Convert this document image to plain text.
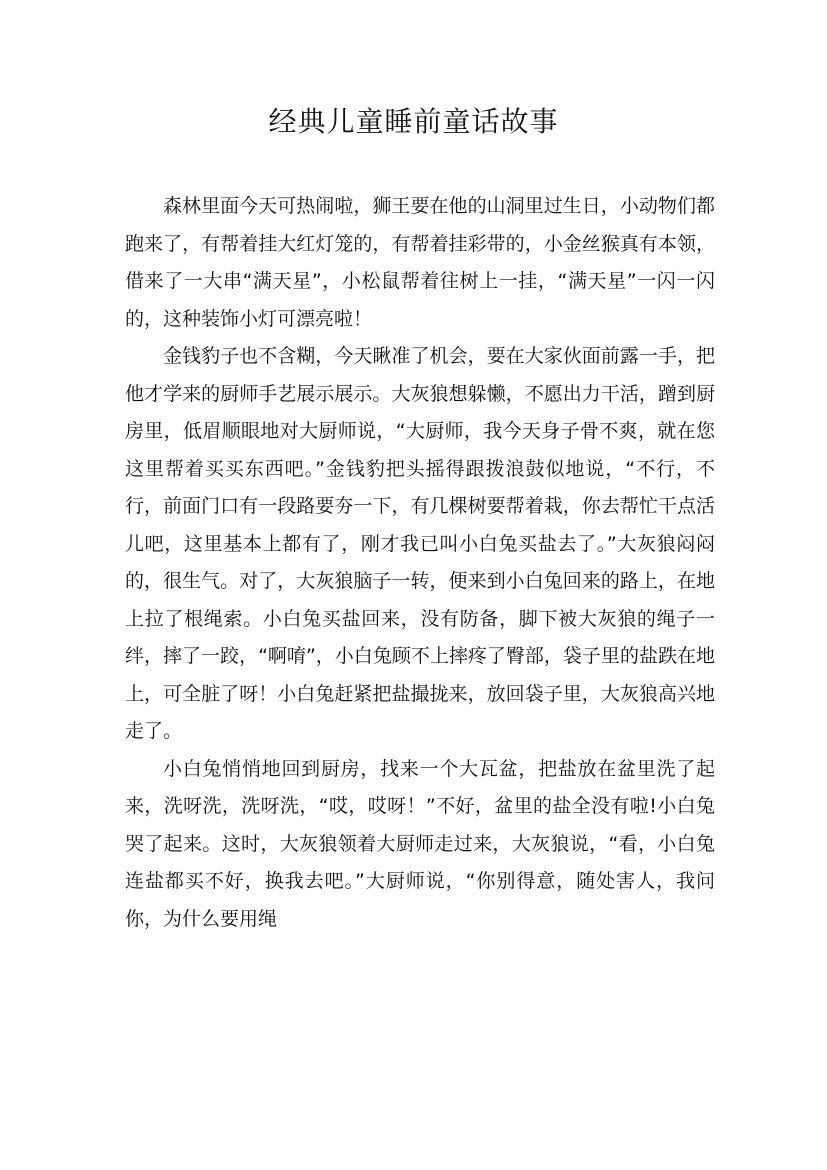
经典儿童睡前童话故事

森林里面今天可热闹啦，狮王要在他的山洞里过生日，小动物们都跑来了，有帮着挂大红灯笼的，有帮着挂彩带的，小金丝猴真有本领，借来了一大串“满天星”，小松鼠帮着往树上一挂，“满天星”一闪一闪的，这种装饰小灯可漂亮啦！

金钱豹子也不含糊，今天瞅准了机会，要在大家伙面前露一手，把他才学来的厨师手艺展示展示。大灰狼想躲懒，不愿出力干活，蹭到厨房里，低眉顺眼地对大厨师说，“大厨师，我今天身子骨不爽，就在您这里帮着买买东西吧。”金钱豹把头摇得跟拨浪鼓似地说，“不行，不行，前面门口有一段路要夯一下，有几棵树要帮着栽，你去帮忙干点活儿吧，这里基本上都有了，刚才我已叫小白兔买盐去了。”大灰狼闷闷的，很生气。对了，大灰狼脑子一转，便来到小白兔回来的路上，在地上拉了根绳索。小白兔买盐回来，没有防备，脚下被大灰狼的绳子一绊，摔了一跤，“啊唷”，小白兔顾不上摔疼了臀部，袋子里的盐跌在地上，可全脏了呀！小白兔赶紧把盐撮拢来，放回袋子里，大灰狼高兴地走了。

小白兔悄悄地回到厨房，找来一个大瓦盆，把盐放在盆里洗了起来，洗呀洗，洗呀洗，“哎，哎呀！”不好，盆里的盐全没有啦!小白兔哭了起来。这时，大灰狼领着大厨师走过来，大灰狼说，“看，小白兔连盐都买不好，换我去吧。”大厨师说，“你别得意，随处害人，我问你，为什么要用绳
